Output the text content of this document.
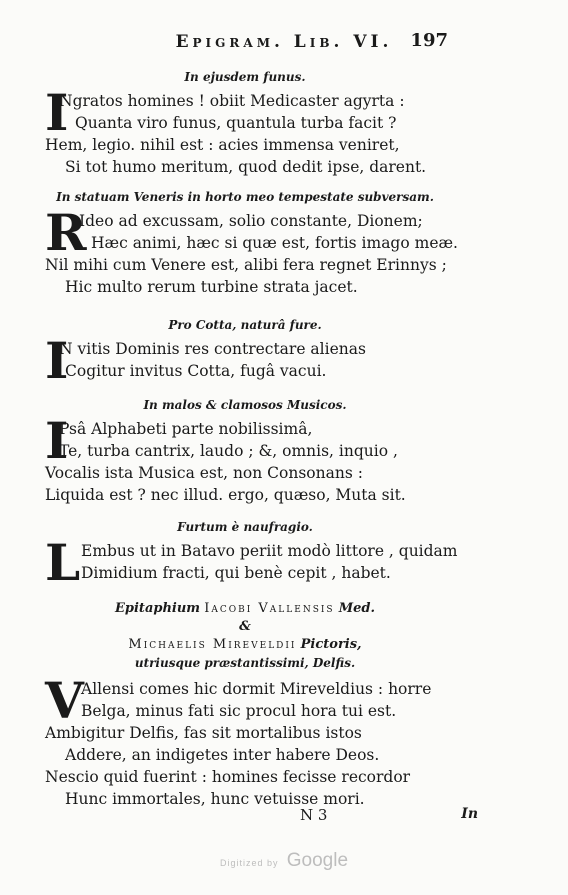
Epigram. Lib. VI.	197
In ejusdem funus.
I
Ngratos homines ! obiit Medicaster agyrta :
Quanta viro funus, quantula turba facit ?
Hem, legio. nihil est : acies immensa veniret,
Si tot humo meritum, quod dedit ipse, darent.
In statuam Veneris in horto meo tempestate subversam.
R
Ideo ad excussam, solio constante, Dionem;
Hæc animi, hæc si quæ est, fortis imago meæ.
Nil mihi cum Venere est, alibi fera regnet Erinnys ;
Hic multo rerum turbine strata jacet.
Pro Cotta, naturâ fure.
I
N vitis Dominis res contrectare alienas
Cogitur invitus Cotta, fugâ vacui.
In malos & clamosos Musicos.
I
Psâ Alphabeti parte nobilissimâ,
Te, turba cantrix, laudo ; &, omnis, inquio ,
Vocalis ista Musica est, non Consonans :
Liquida est ? nec illud. ergo, quæso, Muta sit.
Furtum è naufragio.
L Embus ut in Batavo periit modò littore , quidam
Dimidium fracti, qui benè cepit , habet.
Epitaphium Iacobi Vallensis Med.
&
Michaelis Mireveldii Pictoris,
utriusque præstantissimi, Delfis.
V
Allensi comes hic dormit Mireveldius : horre
Belga, minus fati sic procul hora tui est.
Ambigitur Delfis, fas sit mortalibus istos
Addere, an indigetes inter habere Deos.
Nescio quid fuerint : homines fecisse recordor
Hunc immortales, hunc vetuisse mori.
N 3	In
Digitized by Google
